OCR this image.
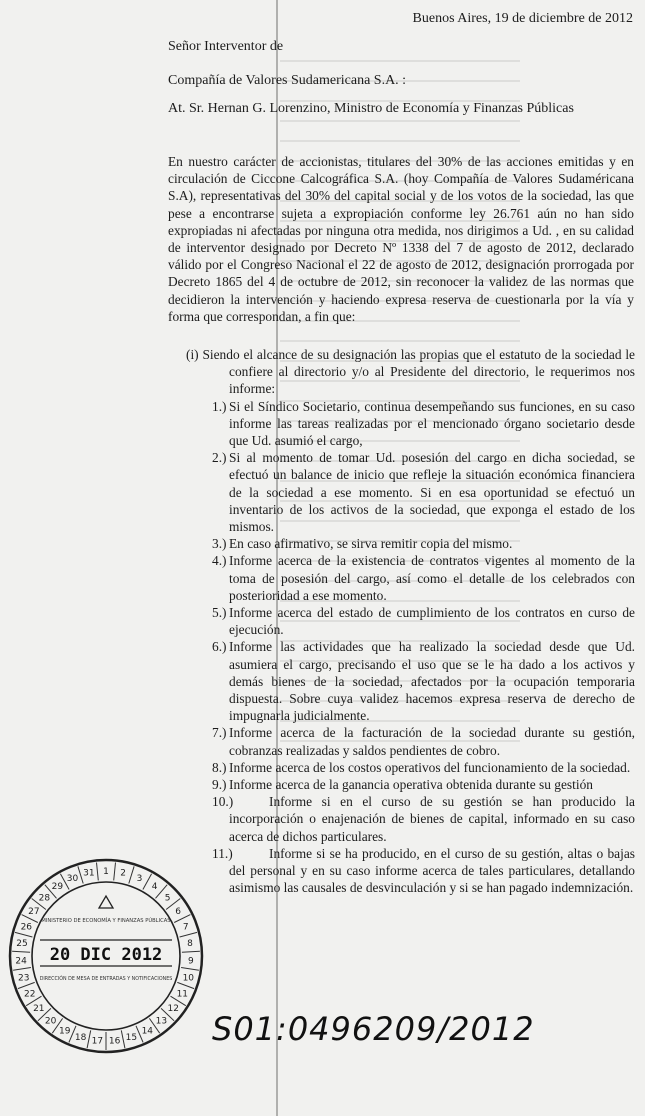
Buenos Aires, 19 de diciembre de 2012
Señor Interventor de
Compañía de Valores Sudamericana S.A. :
At. Sr. Hernan G. Lorenzino, Ministro de Economía y Finanzas Públicas

En nuestro carácter de accionistas, titulares del 30% de las acciones emitidas y en circulación de Ciccone Calcográfica S.A. (hoy Compañía de Valores Sudaméricana S.A), representativas del 30% del capital social y de los votos de la sociedad, las que pese a encontrarse sujeta a expropiación conforme ley 26.761 aún no han sido expropiadas ni afectadas por ninguna otra medida, nos dirigimos a Ud. , en su calidad de interventor designado por Decreto Nº 1338 del 7 de agosto de 2012, declarado válido por el Congreso Nacional el 22 de agosto de 2012, designación prorrogada por Decreto 1865 del 4 de octubre de 2012, sin reconocer la validez de las normas que decidieron la intervención y haciendo expresa reserva de cuestionarla por la vía y forma que correspondan, a fin que:

(i) Siendo el alcance de su designación las propias que el estatuto de la sociedad le confiere al directorio y/o al Presidente del directorio, le requerimos nos informe:

1.) Si el Síndico Societario, continua desempeñando sus funciones, en su caso informe las tareas realizadas por el mencionado órgano societario desde que Ud. asumió el cargo,
2.) Si al momento de tomar Ud. posesión del cargo en dicha sociedad, se efectuó un balance de inicio que refleje la situación económica financiera de la sociedad a ese momento. Si en esa oportunidad se efectuó un inventario de los activos de la sociedad, que exponga el estado de los mismos.
3.) En caso afirmativo, se sirva remitir copia del mismo.
4.) Informe acerca de la existencia de contratos vigentes al momento de la toma de posesión del cargo, así como el detalle de los celebrados con posterioridad a ese momento.
5.) Informe acerca del estado de cumplimiento de los contratos en curso de ejecución.
6.) Informe las actividades que ha realizado la sociedad desde que Ud. asumiera el cargo, precisando el uso que se le ha dado a los activos y demás bienes de la sociedad, afectados por la ocupación temporaria dispuesta. Sobre cuya validez hacemos expresa reserva de derecho de impugnarla judicialmente.
7.) Informe acerca de la facturación de la sociedad durante su gestión, cobranzas realizadas y saldos pendientes de cobro.
8.) Informe acerca de los costos operativos del funcionamiento de la sociedad.
9.) Informe acerca de la ganancia operativa obtenida durante su gestión
10.)	Informe si en el curso de su gestión se han producido la incorporación o enajenación de bienes de capital, informado en su caso acerca de dichos particulares.
11.)	Informe si se ha producido, en el curso de su gestión, altas o bajas del personal y en su caso informe acerca de tales particulares, detallando asimismo las causales de desvinculación y si se han pagado indemnización.
1 2
3
4
5
6
7
8
9
10
11
12
13
14
15
16
17
18
19
20
21
22
23
24
25
26
27
28
29
30
31
MINISTERIO DE ECONOMÍA Y FINANZAS PÚBLICAS
20 DIC 2012
DIRECCIÓN DE MESA DE ENTRADAS Y NOTIFICACIONES
S01:0496209/2012
